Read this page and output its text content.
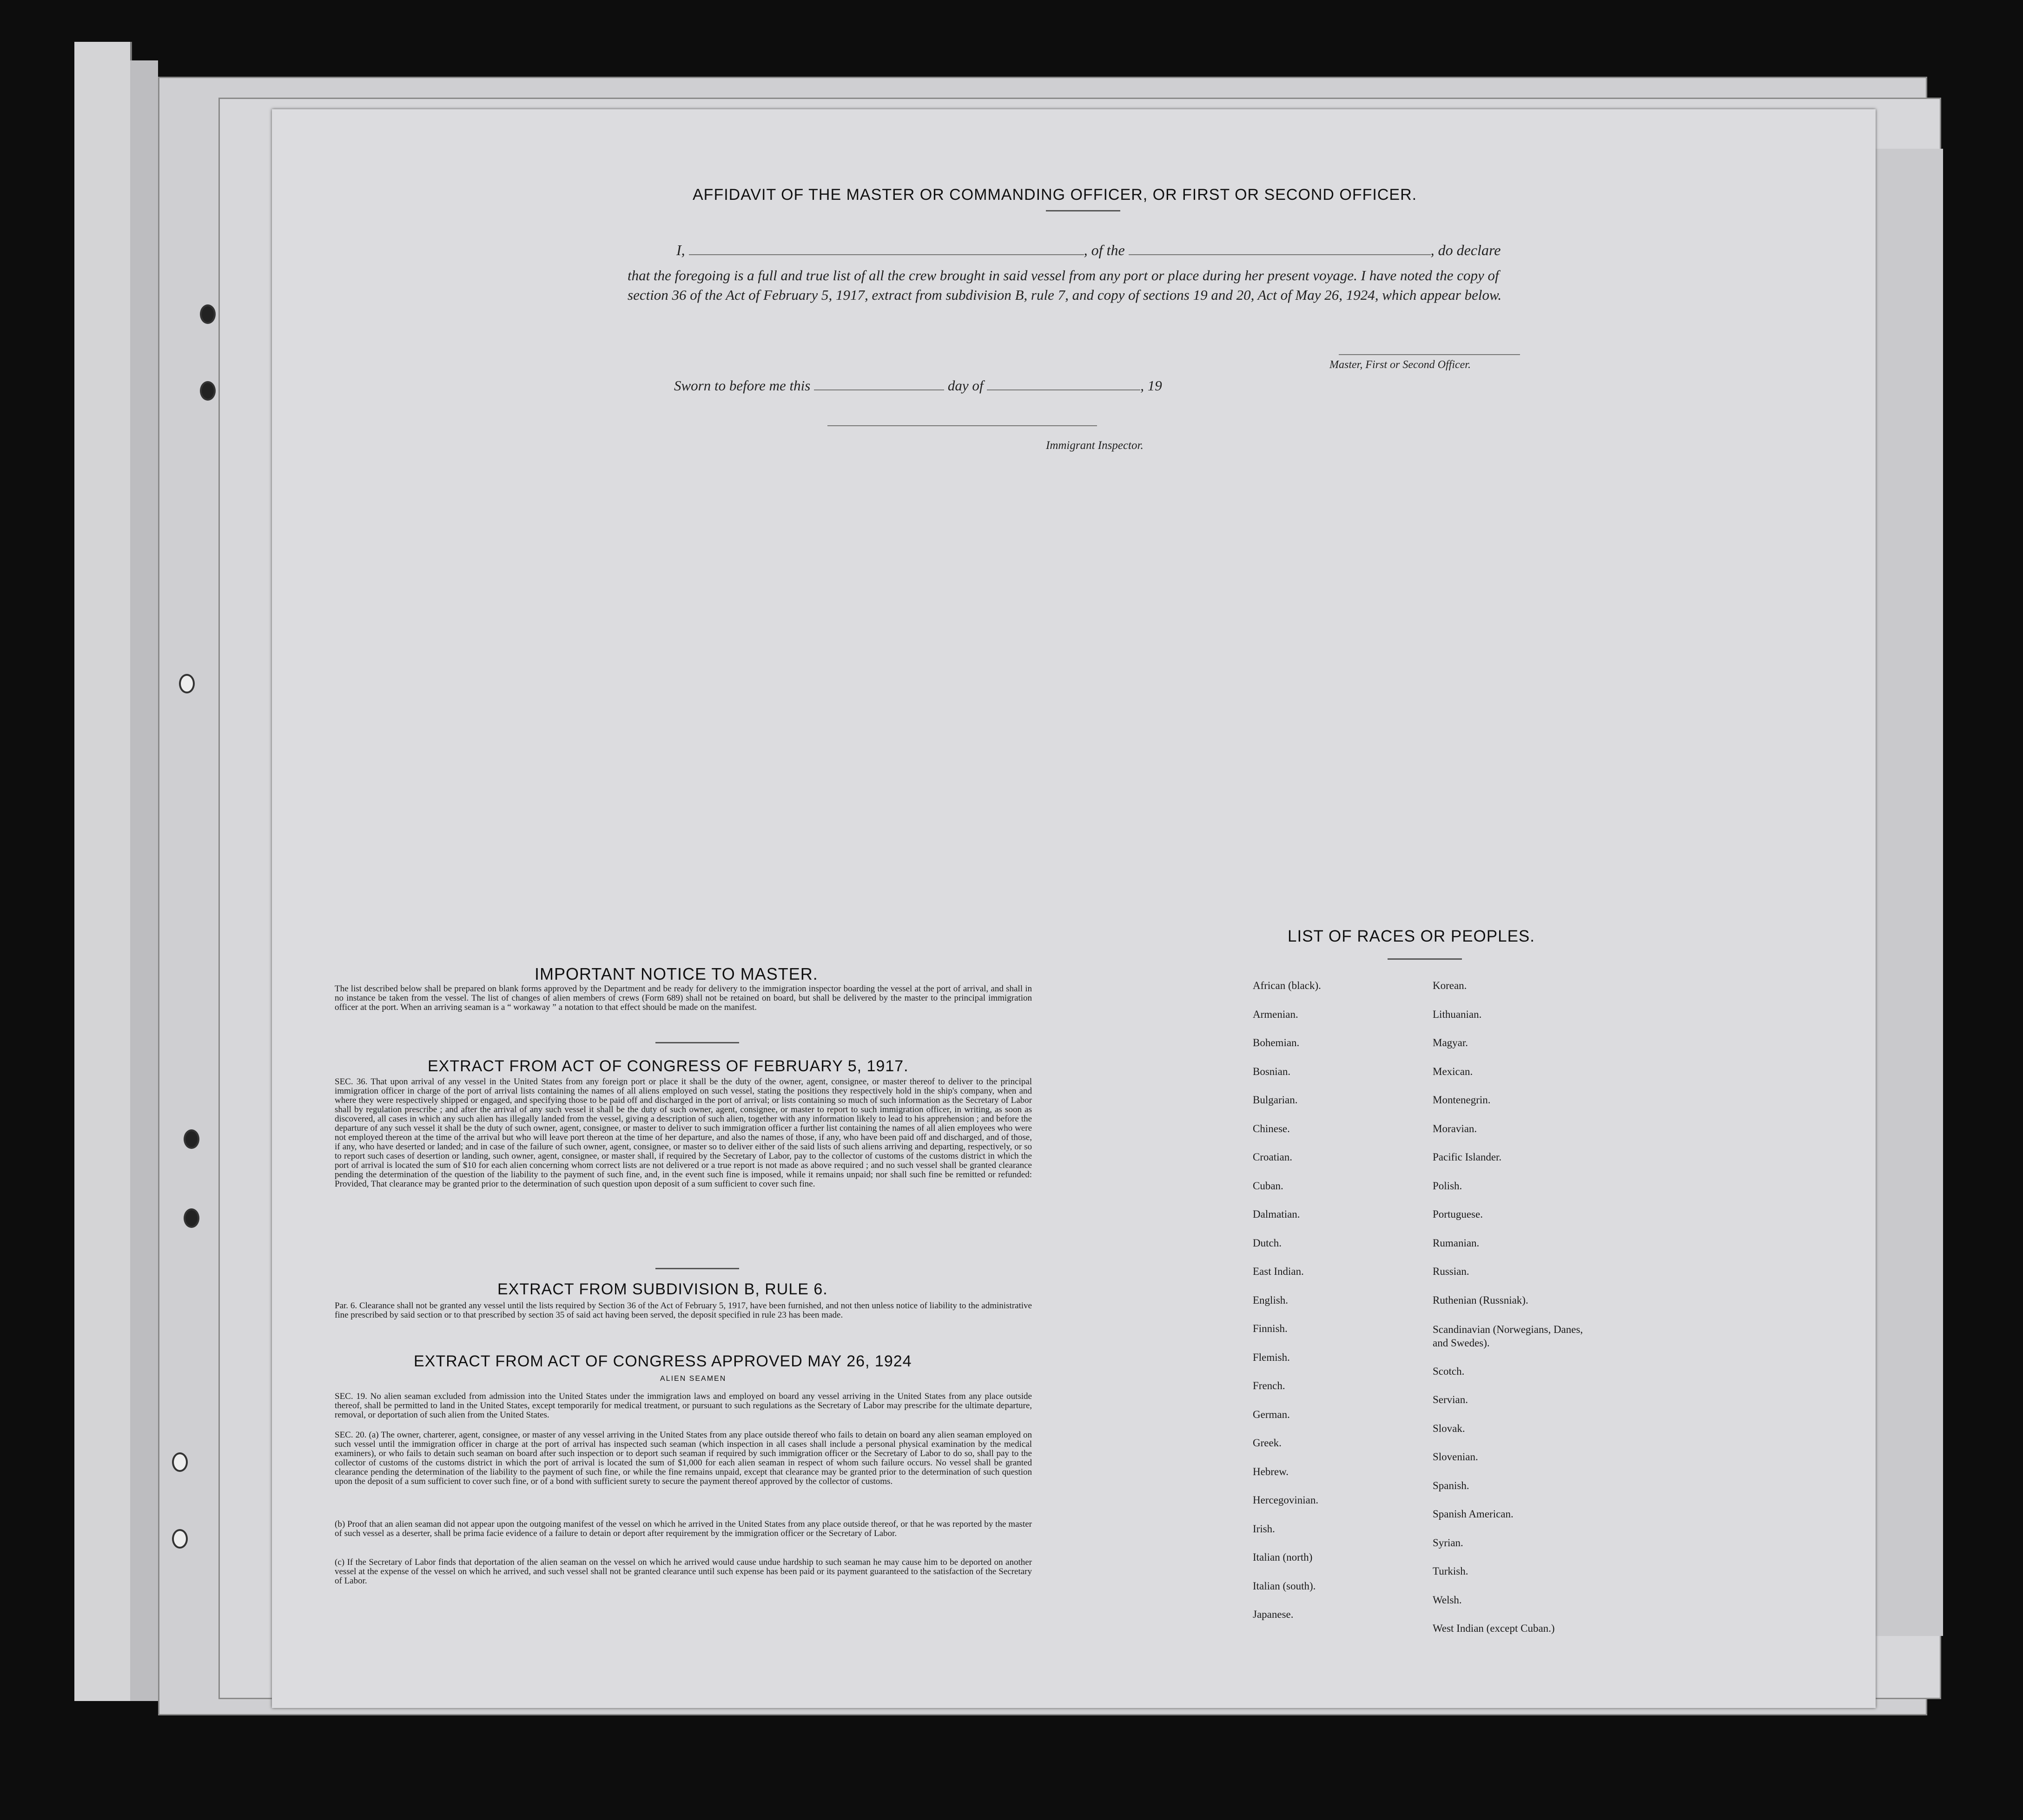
AFFIDAVIT OF THE MASTER OR COMMANDING OFFICER, OR FIRST OR SECOND OFFICER.
I,	, of the	, do declare
that the foregoing is a full and true list of all the crew brought in said vessel from any port or place during her present voyage. I have noted the copy of section 36 of the Act of February 5, 1917, extract from subdivision B, rule 7, and copy of sections 19 and 20, Act of May 26, 1924, which appear below.
Master, First or Second Officer.
Sworn to before me this	day of	, 19
Immigrant Inspector.
IMPORTANT NOTICE TO MASTER.
The list described below shall be prepared on blank forms approved by the Department and be ready for delivery to the immigration inspector boarding the vessel at the port of arrival, and shall in no instance be taken from the vessel. The list of changes of alien members of crews (Form 689) shall not be retained on board, but shall be delivered by the master to the principal immigration officer at the port. When an arriving seaman is a “ workaway ” a notation to that effect should be made on the manifest.
EXTRACT FROM ACT OF CONGRESS OF FEBRUARY 5, 1917.
SEC. 36. That upon arrival of any vessel in the United States from any foreign port or place it shall be the duty of the owner, agent, consignee, or master thereof to deliver to the principal immigration officer in charge of the port of arrival lists containing the names of all aliens employed on such vessel, stating the positions they respectively hold in the ship's company, when and where they were respectively shipped or engaged, and specifying those to be paid off and discharged in the port of arrival; or lists containing so much of such information as the Secretary of Labor shall by regulation prescribe ; and after the arrival of any such vessel it shall be the duty of such owner, agent, consignee, or master to report to such immigration officer, in writing, as soon as discovered, all cases in which any such alien has illegally landed from the vessel, giving a description of such alien, together with any information likely to lead to his apprehension ; and before the departure of any such vessel it shall be the duty of such owner, agent, consignee, or master to deliver to such immigration officer a further list containing the names of all alien employees who were not employed thereon at the time of the arrival but who will leave port thereon at the time of her departure, and also the names of those, if any, who have been paid off and discharged, and of those, if any, who have deserted or landed; and in case of the failure of such owner, agent, consignee, or master so to deliver either of the said lists of such aliens arriving and departing, respectively, or so to report such cases of desertion or landing, such owner, agent, consignee, or master shall, if required by the Secretary of Labor, pay to the collector of customs of the customs district in which the port of arrival is located the sum of $10 for each alien concerning whom correct lists are not delivered or a true report is not made as above required ; and no such vessel shall be granted clearance pending the determination of the question of the liability to the payment of such fine, and, in the event such fine is imposed, while it remains unpaid; nor shall such fine be remitted or refunded: Provided, That clearance may be granted prior to the determination of such question upon deposit of a sum sufficient to cover such fine.
EXTRACT FROM SUBDIVISION B, RULE 6.
Par. 6. Clearance shall not be granted any vessel until the lists required by Section 36 of the Act of February 5, 1917, have been furnished, and not then unless notice of liability to the administrative fine prescribed by said section or to that prescribed by section 35 of said act having been served, the deposit specified in rule 23 has been made.
EXTRACT FROM ACT OF CONGRESS APPROVED MAY 26, 1924
ALIEN SEAMEN
SEC. 19. No alien seaman excluded from admission into the United States under the immigration laws and employed on board any vessel arriving in the United States from any place outside thereof, shall be permitted to land in the United States, except temporarily for medical treatment, or pursuant to such regulations as the Secretary of Labor may prescribe for the ultimate departure, removal, or deportation of such alien from the United States.
SEC. 20. (a) The owner, charterer, agent, consignee, or master of any vessel arriving in the United States from any place outside thereof who fails to detain on board any alien seaman employed on such vessel until the immigration officer in charge at the port of arrival has inspected such seaman (which inspection in all cases shall include a personal physical examination by the medical examiners), or who fails to detain such seaman on board after such inspection or to deport such seaman if required by such immigration officer or the Secretary of Labor to do so, shall pay to the collector of customs of the customs district in which the port of arrival is located the sum of $1,000 for each alien seaman in respect of whom such failure occurs. No vessel shall be granted clearance pending the determination of the liability to the payment of such fine, or while the fine remains unpaid, except that clearance may be granted prior to the determination of such question upon the deposit of a sum sufficient to cover such fine, or of a bond with sufficient surety to secure the payment thereof approved by the collector of customs.
(b) Proof that an alien seaman did not appear upon the outgoing manifest of the vessel on which he arrived in the United States from any place outside thereof, or that he was reported by the master of such vessel as a deserter, shall be prima facie evidence of a failure to detain or deport after requirement by the immigration officer or the Secretary of Labor.
(c) If the Secretary of Labor finds that deportation of the alien seaman on the vessel on which he arrived would cause undue hardship to such seaman he may cause him to be deported on another vessel at the expense of the vessel on which he arrived, and such vessel shall not be granted clearance until such expense has been paid or its payment guaranteed to the satisfaction of the Secretary of Labor.
LIST OF RACES OR PEOPLES.
African (black).
Armenian.
Bohemian.
Bosnian.
Bulgarian.
Chinese.
Croatian.
Cuban.
Dalmatian.
Dutch.
East Indian.
English.
Finnish.
Flemish.
French.
German.
Greek.
Hebrew.
Hercegovinian.
Irish.
Italian (north)
Italian (south).
Japanese.
Korean.
Lithuanian.
Magyar.
Mexican.
Montenegrin.
Moravian.
Pacific Islander.
Polish.
Portuguese.
Rumanian.
Russian.
Ruthenian (Russniak).
Scandinavian (Norwegians, Danes, and Swedes).
Scotch.
Servian.
Slovak.
Slovenian.
Spanish.
Spanish American.
Syrian.
Turkish.
Welsh.
West Indian (except Cuban.)
